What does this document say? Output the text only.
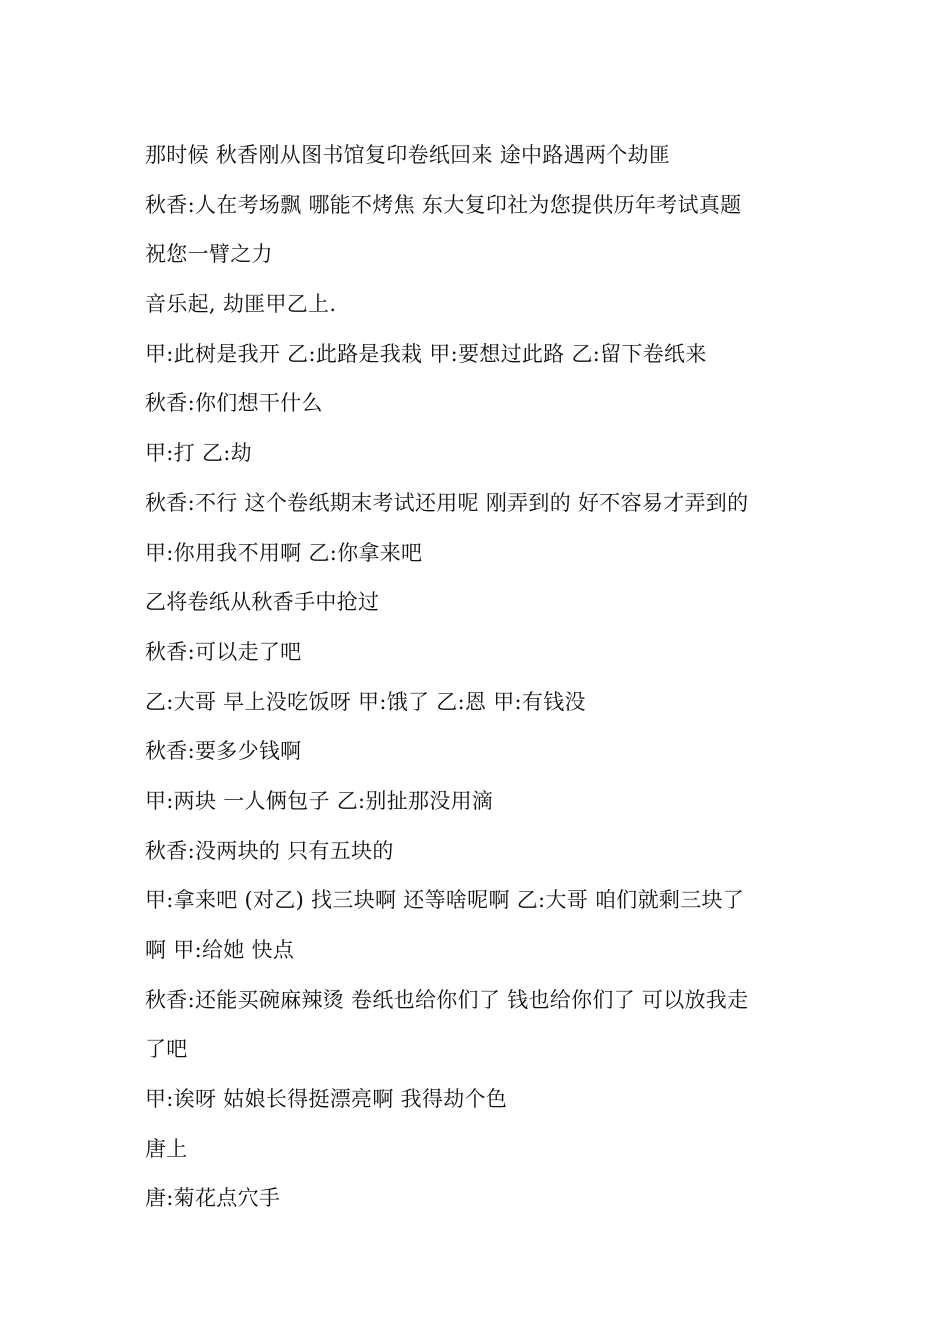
那时候 秋香刚从图书馆复印卷纸回来 途中路遇两个劫匪
秋香:人在考场飘 哪能不烤焦 东大复印社为您提供历年考试真题
祝您一臂之力
音乐起, 劫匪甲乙上.
甲:此树是我开 乙:此路是我栽 甲:要想过此路 乙:留下卷纸来
秋香:你们想干什么
甲:打 乙:劫
秋香:不行 这个卷纸期末考试还用呢 刚弄到的 好不容易才弄到的
甲:你用我不用啊 乙:你拿来吧
乙将卷纸从秋香手中抢过
秋香:可以走了吧
乙:大哥 早上没吃饭呀 甲:饿了 乙:恩 甲:有钱没
秋香:要多少钱啊
甲:两块 一人俩包子 乙:别扯那没用滴
秋香:没两块的 只有五块的
甲:拿来吧 (对乙) 找三块啊 还等啥呢啊 乙:大哥 咱们就剩三块了
啊 甲:给她 快点
秋香:还能买碗麻辣烫 卷纸也给你们了 钱也给你们了 可以放我走
了吧
甲:诶呀 姑娘长得挺漂亮啊 我得劫个色
唐上
唐:菊花点穴手
